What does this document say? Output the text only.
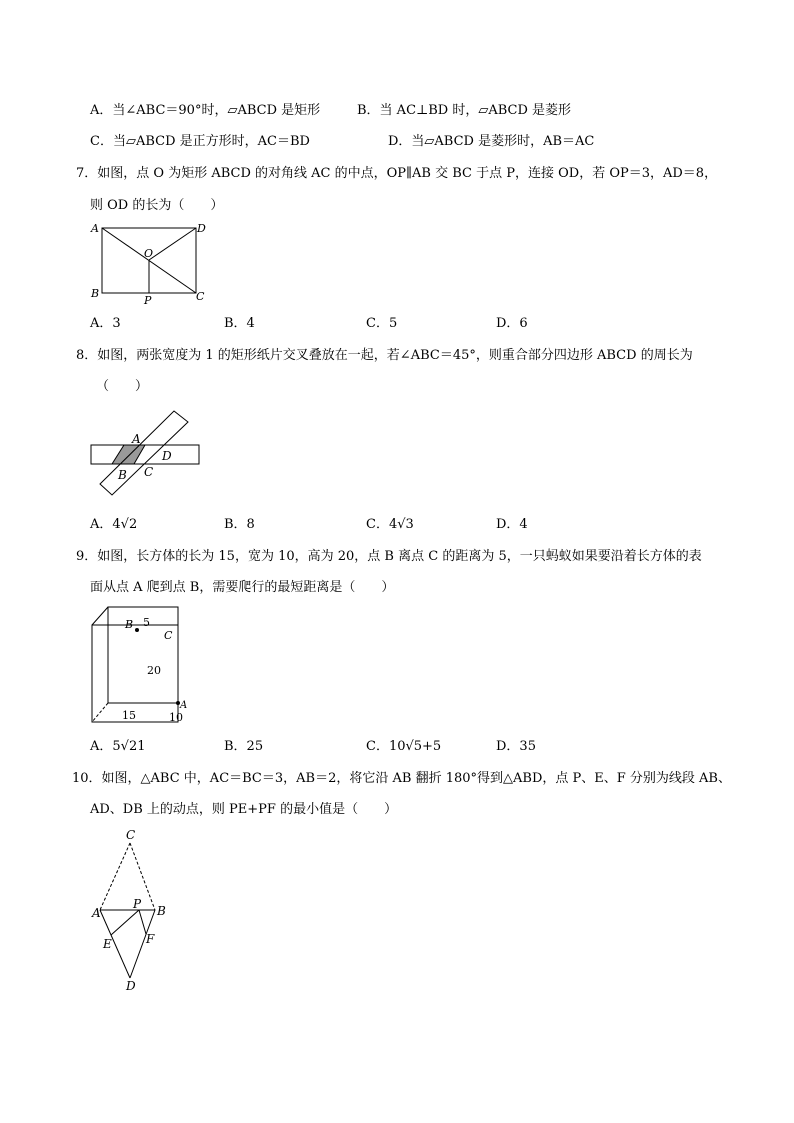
A．当∠ABC＝90°时，▱ABCD 是矩形	B．当 AC⊥BD 时，▱ABCD 是菱形
C．当▱ABCD 是正方形时，AC＝BD	D．当▱ABCD 是菱形时，AB＝AC
7．如图，点 O 为矩形 ABCD 的对角线 AC 的中点，OP∥AB 交 BC 于点 P，连接 OD，若 OP＝3，AD＝8，
则 OD 的长为（　　）
A	D
O
B
P	C
A．3	B．4	C．5	D．6
8．如图，两张宽度为 1 的矩形纸片交叉叠放在一起，若∠ABC＝45°，则重合部分四边形 ABCD 的周长为
（　　）
A
D
B C
A．4√2	B．8	C．4√3	D．4
9．如图，长方体的长为 15，宽为 10，高为 20，点 B 离点 C 的距离为 5，一只蚂蚁如果要沿着长方体的表
面从点 A 爬到点 B，需要爬行的最短距离是（　　）
B 5
C
20
A
15	10
A．5√21	B．25	C．10√5+5	D．35
10．如图，△ABC 中，AC＝BC＝3，AB＝2，将它沿 AB 翻折 180°得到△ABD，点 P、E、F 分别为线段 AB、
AD、DB 上的动点，则 PE+PF 的最小值是（　　）
C
A
P B
E	F
D
